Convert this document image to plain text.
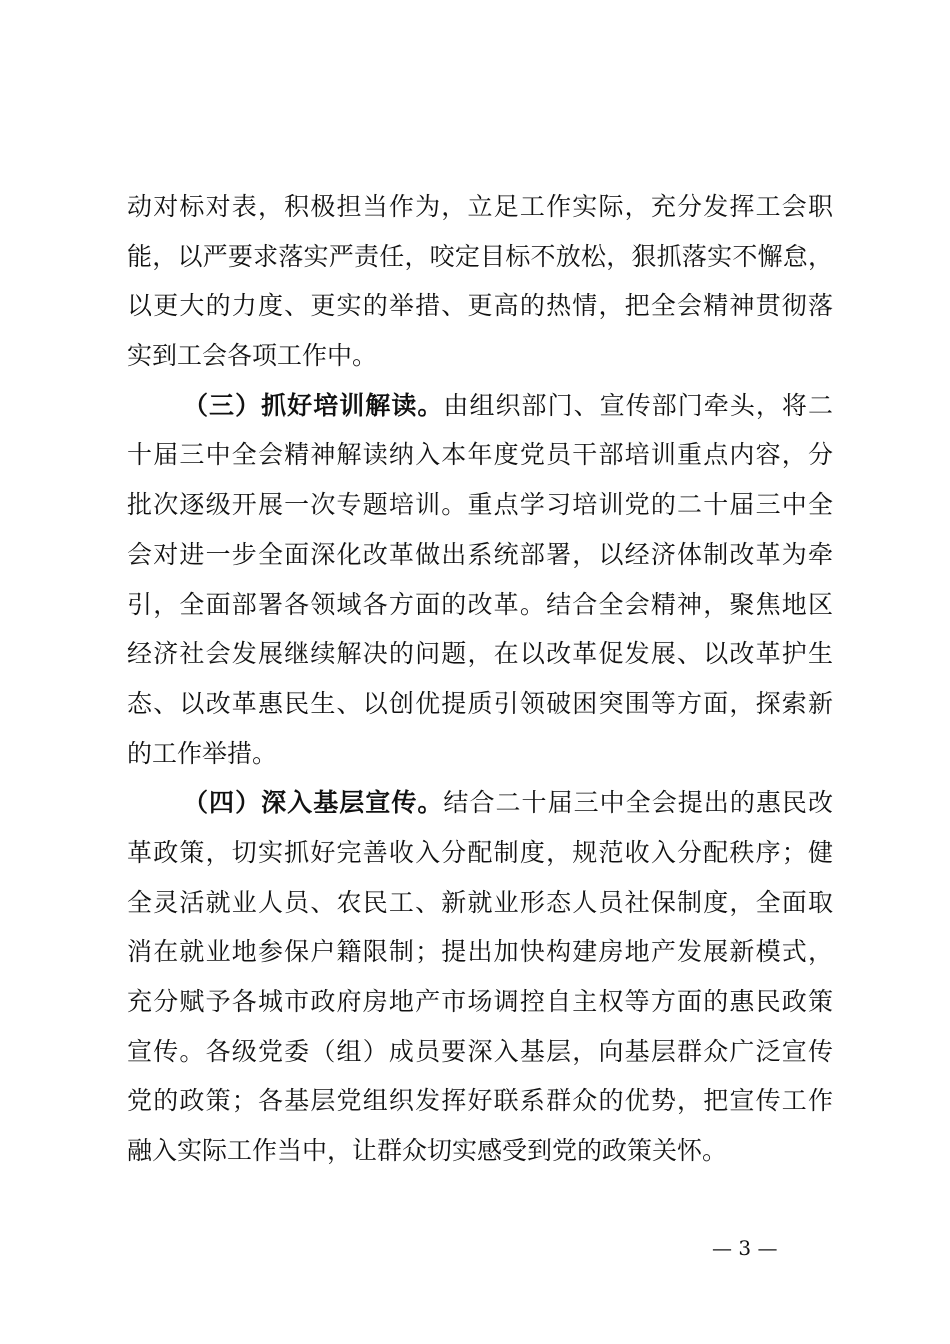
动对标对表，积极担当作为，立足工作实际，充分发挥工会职
能，以严要求落实严责任，咬定目标不放松，狠抓落实不懈怠，
以更大的力度、更实的举措、更高的热情，把全会精神贯彻落
实到工会各项工作中。
（三）抓好培训解读。由组织部门、宣传部门牵头，将二
十届三中全会精神解读纳入本年度党员干部培训重点内容，分
批次逐级开展一次专题培训。重点学习培训党的二十届三中全
会对进一步全面深化改革做出系统部署，以经济体制改革为牵
引，全面部署各领域各方面的改革。结合全会精神，聚焦地区
经济社会发展继续解决的问题，在以改革促发展、以改革护生
态、以改革惠民生、以创优提质引领破困突围等方面，探索新
的工作举措。
（四）深入基层宣传。结合二十届三中全会提出的惠民改
革政策，切实抓好完善收入分配制度，规范收入分配秩序；健
全灵活就业人员、农民工、新就业形态人员社保制度，全面取
消在就业地参保户籍限制；提出加快构建房地产发展新模式，
充分赋予各城市政府房地产市场调控自主权等方面的惠民政策
宣传。各级党委（组）成员要深入基层，向基层群众广泛宣传
党的政策；各基层党组织发挥好联系群众的优势，把宣传工作
融入实际工作当中，让群众切实感受到党的政策关怀。
— 3 —
